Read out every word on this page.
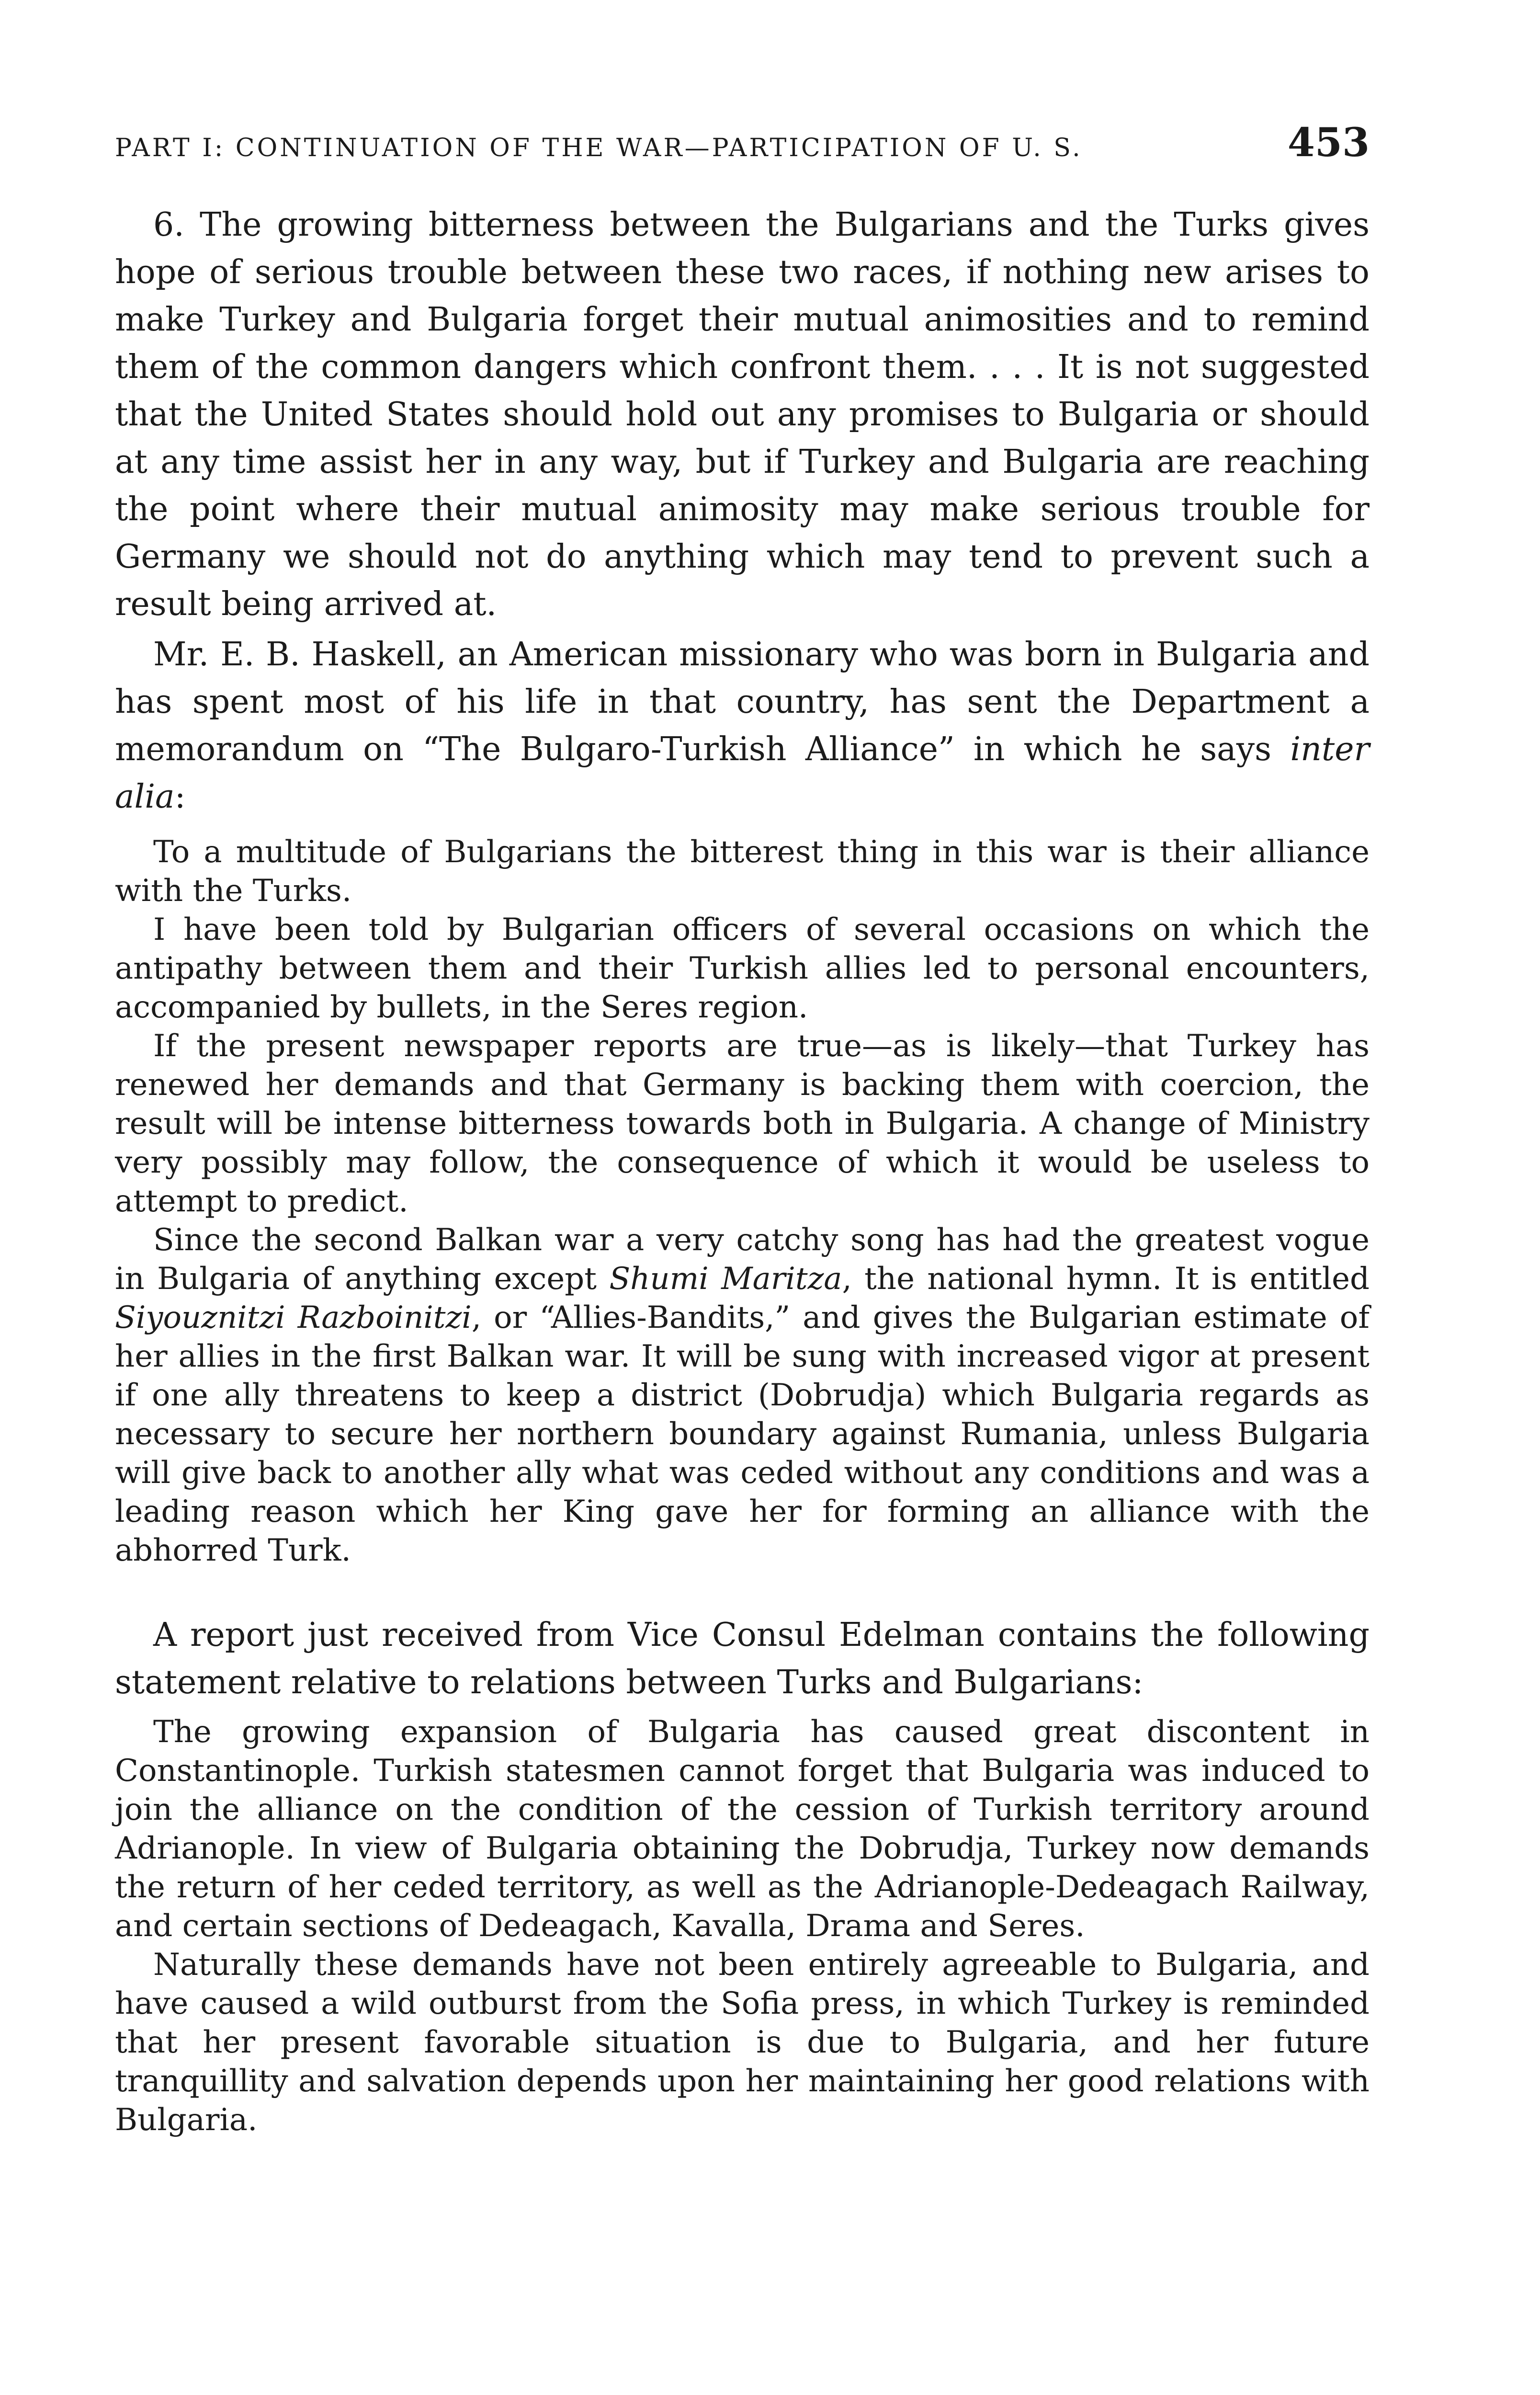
PART I: CONTINUATION OF THE WAR—PARTICIPATION OF U. S.	453

6. The growing bitterness between the Bulgarians and the Turks gives hope of serious trouble between these two races, if nothing new arises to make Turkey and Bulgaria forget their mutual animosities and to remind them of the common dangers which confront them. . . . It is not suggested that the United States should hold out any promises to Bulgaria or should at any time assist her in any way, but if Turkey and Bulgaria are reaching the point where their mutual animosity may make serious trouble for Germany we should not do anything which may tend to prevent such a result being arrived at.

Mr. E. B. Haskell, an American missionary who was born in Bulgaria and has spent most of his life in that country, has sent the Department a memorandum on “The Bulgaro-Turkish Alliance” in which he says inter alia:

To a multitude of Bulgarians the bitterest thing in this war is their alliance with the Turks.

I have been told by Bulgarian officers of several occasions on which the antipathy between them and their Turkish allies led to personal encounters, accompanied by bullets, in the Seres region.

If the present newspaper reports are true—as is likely—that Turkey has renewed her demands and that Germany is backing them with coercion, the result will be intense bitterness towards both in Bulgaria. A change of Ministry very possibly may follow, the consequence of which it would be useless to attempt to predict.

Since the second Balkan war a very catchy song has had the greatest vogue in Bulgaria of anything except Shumi Maritza, the national hymn. It is entitled Siyouznitzi Razboinitzi, or “Allies-Bandits,” and gives the Bulgarian estimate of her allies in the first Balkan war. It will be sung with increased vigor at present if one ally threatens to keep a district (Dobrudja) which Bulgaria regards as necessary to secure her northern boundary against Rumania, unless Bulgaria will give back to another ally what was ceded without any conditions and was a leading reason which her King gave her for forming an alliance with the abhorred Turk.

A report just received from Vice Consul Edelman contains the following statement relative to relations between Turks and Bulgarians:

The growing expansion of Bulgaria has caused great discontent in Constantinople. Turkish statesmen cannot forget that Bulgaria was induced to join the alliance on the condition of the cession of Turkish territory around Adrianople. In view of Bulgaria obtaining the Dobrudja, Turkey now demands the return of her ceded territory, as well as the Adrianople-Dedeagach Railway, and certain sections of Dedeagach, Kavalla, Drama and Seres.

Naturally these demands have not been entirely agreeable to Bulgaria, and have caused a wild outburst from the Sofia press, in which Turkey is reminded that her present favorable situation is due to Bulgaria, and her future tranquillity and salvation depends upon her maintaining her good relations with Bulgaria.
